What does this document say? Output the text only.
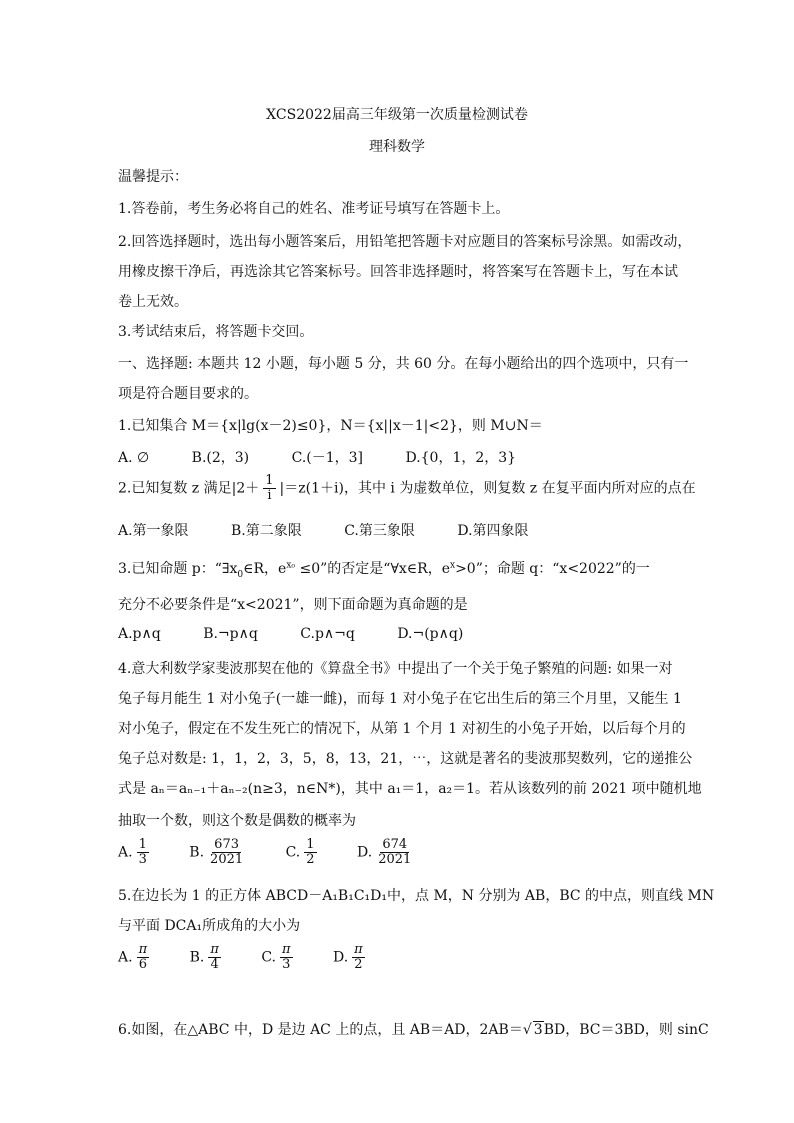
XCS2022届高三年级第一次质量检测试卷
理科数学
温馨提示：
1.答卷前，考生务必将自己的姓名、准考证号填写在答题卡上。
2.回答选择题时，选出每小题答案后，用铅笔把答题卡对应题目的答案标号涂黑。如需改动，
用橡皮擦干净后，再选涂其它答案标号。回答非选择题时，将答案写在答题卡上，写在本试
卷上无效。
3.考试结束后，将答题卡交回。
一、选择题: 本题共 12 小题，每小题 5 分，共 60 分。在每小题给出的四个选项中，只有一
项是符合题目要求的。
1.已知集合 M＝{x|lg(x－2)≤0}，N＝{x||x－1|<2}，则 M∪N＝
A. ∅	B.(2，3)	C.(－1，3]	D.{0，1，2，3}
2.已知复数 z 满足$|2+ \frac{1}{i} |=z(1+i)$，其中 i 为虚数单位，则复数 z 在复平面内所对应的点在
A.第一象限	B.第二象限	C.第三象限	D.第四象限
3.已知命题 p：“$\exists x_0\in R$，$e^{x_0} \le 0$”的否定是“∀x∈R，$e^x>0$”；命题 q：“x<2022”的一
充分不必要条件是“x<2021”，则下面命题为真命题的是
A.p∧q	B.¬p∧q	C.p∧¬q	D.¬(p∧q)
4.意大利数学家斐波那契在他的《算盘全书》中提出了一个关于兔子繁殖的问题: 如果一对
兔子每月能生 1 对小兔子(一雄一雌)，而每 1 对小兔子在它出生后的第三个月里，又能生 1
对小兔子，假定在不发生死亡的情况下，从第 1 个月 1 对初生的小兔子开始，以后每个月的
兔子总对数是: 1，1，2，3，5，8，13，21，⋯，这就是著名的斐波那契数列，它的递推公
式是 aₙ＝aₙ₋₁＋aₙ₋₂(n≥3，n∈N*)，其中 a₁＝1，a₂＝1。若从该数列的前 2021 项中随机地
抽取一个数，则这个数是偶数的概率为
A. $\frac{1}{3}$	B. $\frac{673}{2021}$	C. $\frac{1}{2}$	D. $\frac{674}{2021}$
5.在边长为 1 的正方体 ABCD－A₁B₁C₁D₁中，点 M，N 分别为 AB，BC 的中点，则直线 MN
与平面 DCA₁所成角的大小为
A. $\frac{\pi}{6}$	B. $\frac{\pi}{4}$	C. $\frac{\pi}{3}$	D. $\frac{\pi}{2}$
6.如图，在△ABC 中，D 是边 AC 上的点，且 AB＝AD，2AB＝√ 3BD，BC＝3BD，则 sinC
